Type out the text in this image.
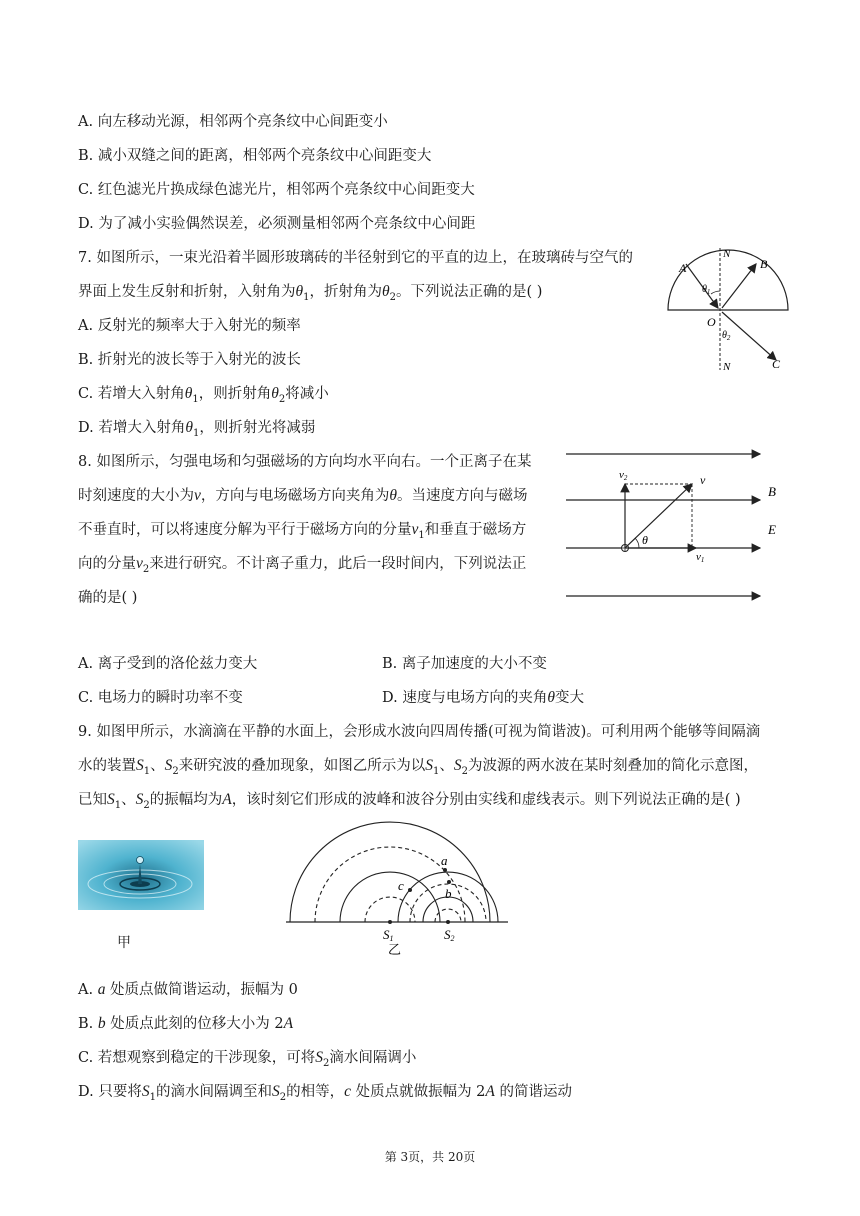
A. 向左移动光源，相邻两个亮条纹中心间距变小
B. 减小双缝之间的距离，相邻两个亮条纹中心间距变大
C. 红色滤光片换成绿色滤光片，相邻两个亮条纹中心间距变大
D. 为了减小实验偶然误差，必须测量相邻两个亮条纹中心间距
7. 如图所示，一束光沿着半圆形玻璃砖的半径射到它的平直的边上，在玻璃砖与空气的
界面上发生反射和折射，入射角为$\theta_1$，折射角为$\theta_2$。下列说法正确的是( )
A. 反射光的频率大于入射光的频率
B. 折射光的波长等于入射光的波长
C. 若增大入射角$\theta_1$，则折射角$\theta_2$将减小
D. 若增大入射角$\theta_1$，则折射光将减弱
A	B
N
N
O
C
$\theta_1$
$\theta_2$
8. 如图所示，匀强电场和匀强磁场的方向均水平向右。一个正离子在某
时刻速度的大小为v，方向与电场磁场方向夹角为θ。当速度方向与磁场
不垂直时，可以将速度分解为平行于磁场方向的分量$v_1$和垂直于磁场方
向的分量$v_2$来进行研究。不计离子重力，此后一段时间内，下列说法正
确的是( )
A. 离子受到的洛伦兹力变大	B. 离子加速度的大小不变
C. 电场力的瞬时功率不变	D. 速度与电场方向的夹角θ变大
θ
v
v2
v1
B
E
9. 如图甲所示，水滴滴在平静的水面上，会形成水波向四周传播(可视为简谐波)。可利用两个能够等间隔滴
水的装置$S_1$、$S_2$来研究波的叠加现象，如图乙所示为以$S_1$、$S_2$为波源的两水波在某时刻叠加的简化示意图，
已知$S_1$、$S_2$的振幅均为A，该时刻它们形成的波峰和波谷分别由实线和虚线表示。则下列说法正确的是( )
甲
a
b
c
S1	S2
乙
A. a 处质点做简谐运动，振幅为 0
B. b 处质点此刻的位移大小为 2A
C. 若想观察到稳定的干涉现象，可将$S_2$滴水间隔调小
D. 只要将$S_1$的滴水间隔调至和$S_2$的相等，c 处质点就做振幅为 2A 的简谐运动
第 3页，共 20页
